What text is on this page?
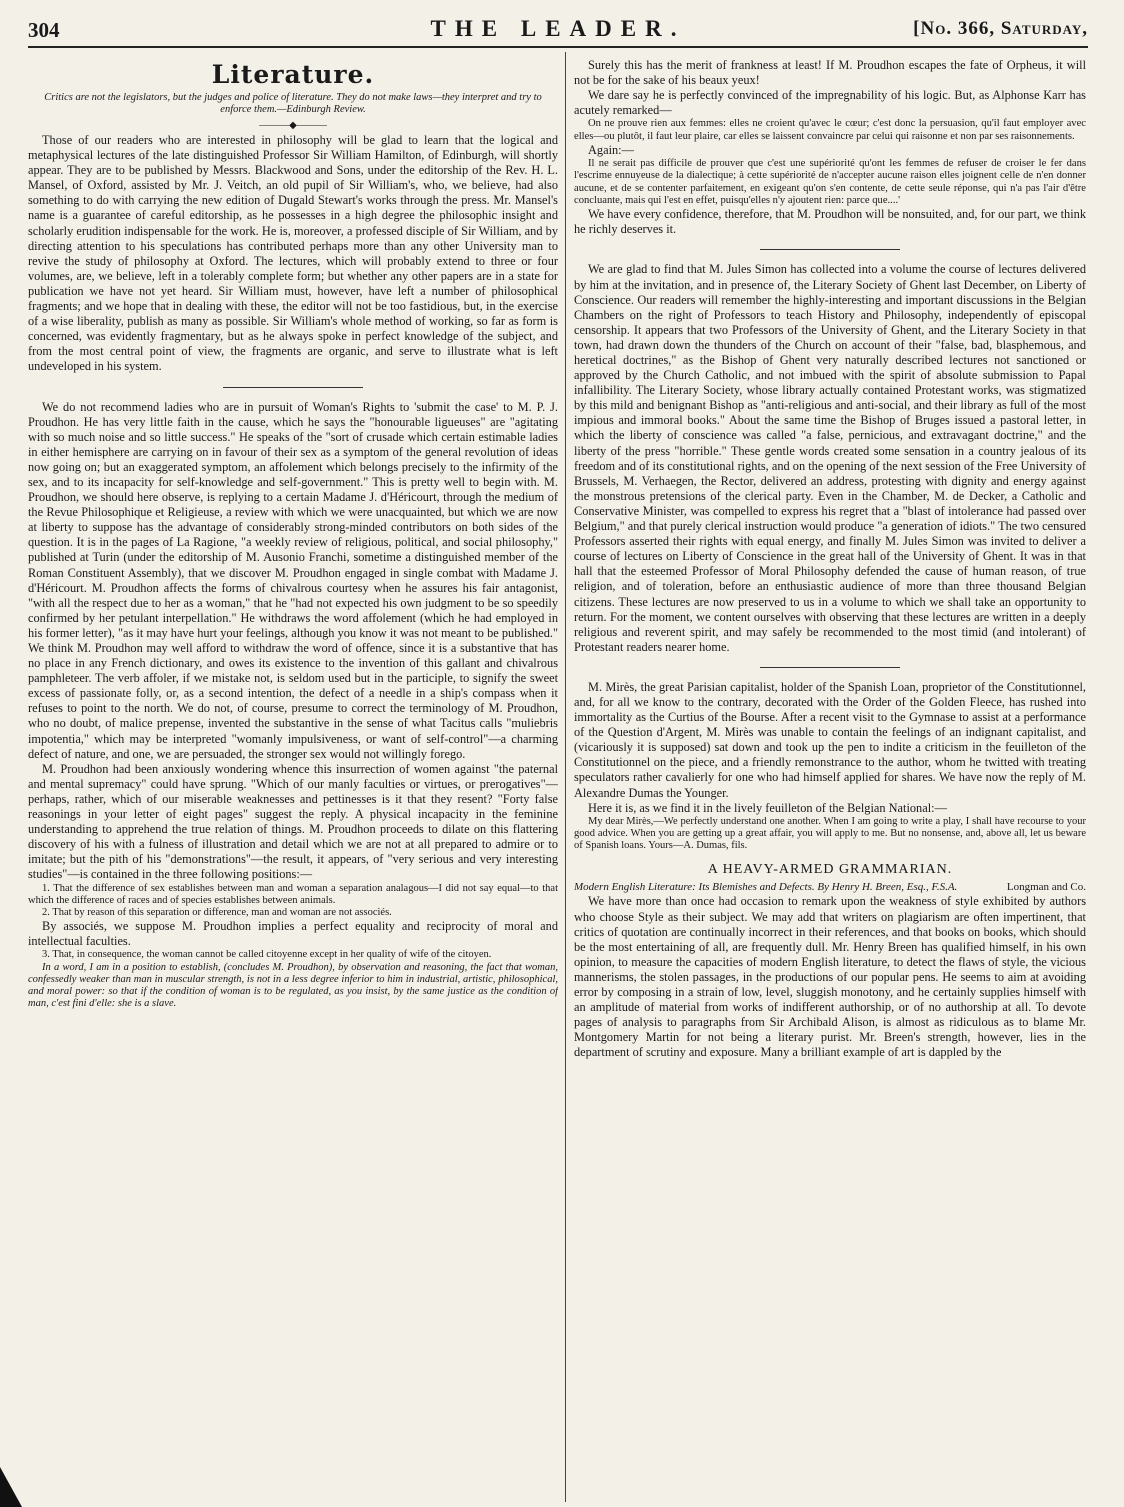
304	THE LEADER.	[No. 366, Saturday,
Literature.
Critics are not the legislators, but the judges and police of literature. They do not make laws—they interpret and try to enforce them.—Edinburgh Review.
———◆———

Those of our readers who are interested in philosophy will be glad to learn that the logical and metaphysical lectures of the late distinguished Professor Sir William Hamilton, of Edinburgh, will shortly appear. They are to be published by Messrs. Blackwood and Sons, under the editorship of the Rev. H. L. Mansel, of Oxford, assisted by Mr. J. Veitch, an old pupil of Sir William's, who, we believe, had also something to do with carrying the new edition of Dugald Stewart's works through the press. Mr. Mansel's name is a guarantee of careful editorship, as he possesses in a high degree the philosophic insight and scholarly erudition indispensable for the work. He is, moreover, a professed disciple of Sir William, and by directing attention to his speculations has contributed perhaps more than any other University man to revive the study of philosophy at Oxford. The lectures, which will probably extend to three or four volumes, are, we believe, left in a tolerably complete form; but whether any other papers are in a state for publication we have not yet heard. Sir William must, however, have left a number of philosophical fragments; and we hope that in dealing with these, the editor will not be too fastidious, but, in the exercise of a wise liberality, publish as many as possible. Sir William's whole method of working, so far as form is concerned, was evidently fragmentary, but as he always spoke in perfect knowledge of the subject, and from the most central point of view, the fragments are organic, and serve to illustrate what is left undeveloped in his system.

We do not recommend ladies who are in pursuit of Woman's Rights to 'submit the case' to M. P. J. Proudhon. He has very little faith in the cause, which he says the "honourable ligueuses" are "agitating with so much noise and so little success." He speaks of the "sort of crusade which certain estimable ladies in either hemisphere are carrying on in favour of their sex as a symptom of the general revolution of ideas now going on; but an exaggerated symptom, an affolement which belongs precisely to the infirmity of the sex, and to its incapacity for self-knowledge and self-government." This is pretty well to begin with. M. Proudhon, we should here observe, is replying to a certain Madame J. d'Héricourt, through the medium of the Revue Philosophique et Religieuse, a review with which we were unacquainted, but which we are now at liberty to suppose has the advantage of considerably strong-minded contributors on both sides of the question. It is in the pages of La Ragione, "a weekly review of religious, political, and social philosophy," published at Turin (under the editorship of M. Ausonio Franchi, sometime a distinguished member of the Roman Constituent Assembly), that we discover M. Proudhon engaged in single combat with Madame J. d'Héricourt. M. Proudhon affects the forms of chivalrous courtesy when he assures his fair antagonist, "with all the respect due to her as a woman," that he "had not expected his own judgment to be so speedily confirmed by her petulant interpellation." He withdraws the word affolement (which he had employed in his former letter), "as it may have hurt your feelings, although you know it was not meant to be published." We think M. Proudhon may well afford to withdraw the word of offence, since it is a substantive that has no place in any French dictionary, and owes its existence to the invention of this gallant and chivalrous pamphleteer. The verb affoler, if we mistake not, is seldom used but in the participle, to signify the sweet excess of passionate folly, or, as a second intention, the defect of a needle in a ship's compass when it refuses to point to the north. We do not, of course, presume to correct the terminology of M. Proudhon, who no doubt, of malice prepense, invented the substantive in the sense of what Tacitus calls "muliebris impotentia," which may be interpreted "womanly impulsiveness, or want of self-control"—a charming defect of nature, and one, we are persuaded, the stronger sex would not willingly forego.

M. Proudhon had been anxiously wondering whence this insurrection of women against "the paternal and mental supremacy" could have sprung. "Which of our manly faculties or virtues, or prerogatives"—perhaps, rather, which of our miserable weaknesses and pettinesses is it that they resent? "Forty false reasonings in your letter of eight pages" suggest the reply. A physical incapacity in the feminine understanding to apprehend the true relation of things. M. Proudhon proceeds to dilate on this flattering discovery of his with a fulness of illustration and detail which we are not at all prepared to admire or to imitate; but the pith of his "demonstrations"—the result, it appears, of "very serious and very interesting studies"—is contained in the three following positions:—

1. That the difference of sex establishes between man and woman a separation analagous—I did not say equal—to that which the difference of races and of species establishes between animals.

2. That by reason of this separation or difference, man and woman are not associés.

By associés, we suppose M. Proudhon implies a perfect equality and reciprocity of moral and intellectual faculties.

3. That, in consequence, the woman cannot be called citoyenne except in her quality of wife of the citoyen.

In a word, I am in a position to establish, (concludes M. Proudhon), by observation and reasoning, the fact that woman, confessedly weaker than man in muscular strength, is not in a less degree inferior to him in industrial, artistic, philosophical, and moral power: so that if the condition of woman is to be regulated, as you insist, by the same justice as the condition of man, c'est fini d'elle: she is a slave.

Surely this has the merit of frankness at least! If M. Proudhon escapes the fate of Orpheus, it will not be for the sake of his beaux yeux!

We dare say he is perfectly convinced of the impregnability of his logic. But, as Alphonse Karr has acutely remarked—

On ne prouve rien aux femmes: elles ne croient qu'avec le cœur; c'est donc la persuasion, qu'il faut employer avec elles—ou plutôt, il faut leur plaire, car elles se laissent convaincre par celui qui raisonne et non par ses raisonnements.

Again:—

Il ne serait pas difficile de prouver que c'est une supériorité qu'ont les femmes de refuser de croiser le fer dans l'escrime ennuyeuse de la dialectique; à cette supériorité de n'accepter aucune raison elles joignent celle de n'en donner aucune, et de se contenter parfaitement, en exigeant qu'on s'en contente, de cette seule réponse, qui n'a pas l'air d'être concluante, mais qui l'est en effet, puisqu'elles n'y ajoutent rien: parce que....'

We have every confidence, therefore, that M. Proudhon will be nonsuited, and, for our part, we think he richly deserves it.

We are glad to find that M. Jules Simon has collected into a volume the course of lectures delivered by him at the invitation, and in presence of, the Literary Society of Ghent last December, on Liberty of Conscience. Our readers will remember the highly-interesting and important discussions in the Belgian Chambers on the right of Professors to teach History and Philosophy, independently of episcopal censorship. It appears that two Professors of the University of Ghent, and the Literary Society in that town, had drawn down the thunders of the Church on account of their "false, bad, blasphemous, and heretical doctrines," as the Bishop of Ghent very naturally described lectures not sanctioned or approved by the Church Catholic, and not imbued with the spirit of absolute submission to Papal infallibility. The Literary Society, whose library actually contained Protestant works, was stigmatized by this mild and benignant Bishop as "anti-religious and anti-social, and their library as full of the most impious and immoral books." About the same time the Bishop of Bruges issued a pastoral letter, in which the liberty of conscience was called "a false, pernicious, and extravagant doctrine," and the liberty of the press "horrible." These gentle words created some sensation in a country jealous of its freedom and of its constitutional rights, and on the opening of the next session of the Free University of Brussels, M. Verhaegen, the Rector, delivered an address, protesting with dignity and energy against the monstrous pretensions of the clerical party. Even in the Chamber, M. de Decker, a Catholic and Conservative Minister, was compelled to express his regret that a "blast of intolerance had passed over Belgium," and that purely clerical instruction would produce "a generation of idiots." The two censured Professors asserted their rights with equal energy, and finally M. Jules Simon was invited to deliver a course of lectures on Liberty of Conscience in the great hall of the University of Ghent. It was in that hall that the esteemed Professor of Moral Philosophy defended the cause of human reason, of true religion, and of toleration, before an enthusiastic audience of more than three thousand Belgian citizens. These lectures are now preserved to us in a volume to which we shall take an opportunity to return. For the moment, we content ourselves with observing that these lectures are written in a deeply religious and reverent spirit, and may safely be recommended to the most timid (and intolerant) of Protestant readers nearer home.

M. Mirès, the great Parisian capitalist, holder of the Spanish Loan, proprietor of the Constitutionnel, and, for all we know to the contrary, decorated with the Order of the Golden Fleece, has rushed into immortality as the Curtius of the Bourse. After a recent visit to the Gymnase to assist at a performance of the Question d'Argent, M. Mirès was unable to contain the feelings of an indignant capitalist, and (vicariously it is supposed) sat down and took up the pen to indite a criticism in the feuilleton of the Constitutionnel on the piece, and a friendly remonstrance to the author, whom he twitted with treating speculators rather cavalierly for one who had himself applied for shares. We have now the reply of M. Alexandre Dumas the Younger.

Here it is, as we find it in the lively feuilleton of the Belgian National:—

My dear Mirès,—We perfectly understand one another. When I am going to write a play, I shall have recourse to your good advice. When you are getting up a great affair, you will apply to me. But no nonsense, and, above all, let us beware of Spanish loans. Yours—A. Dumas, fils.

A HEAVY-ARMED GRAMMARIAN.

Modern English Literature: Its Blemishes and Defects. By Henry H. Breen, Esq., F.S.A.	Longman and Co.

We have more than once had occasion to remark upon the weakness of style exhibited by authors who choose Style as their subject. We may add that writers on plagiarism are often impertinent, that critics of quotation are continually incorrect in their references, and that books on books, which should be the most entertaining of all, are frequently dull. Mr. Henry Breen has qualified himself, in his own opinion, to measure the capacities of modern English literature, to detect the flaws of style, the vicious mannerisms, the stolen passages, in the productions of our popular pens. He seems to aim at avoiding error by composing in a strain of low, level, sluggish monotony, and he certainly supplies himself with an amplitude of material from works of indifferent authorship, or of no authorship at all. To devote pages of analysis to paragraphs from Sir Archibald Alison, is almost as ridiculous as to blame Mr. Montgomery Martin for not being a literary purist. Mr. Breen's strength, however, lies in the department of scrutiny and exposure. Many a brilliant example of art is dappled by the
